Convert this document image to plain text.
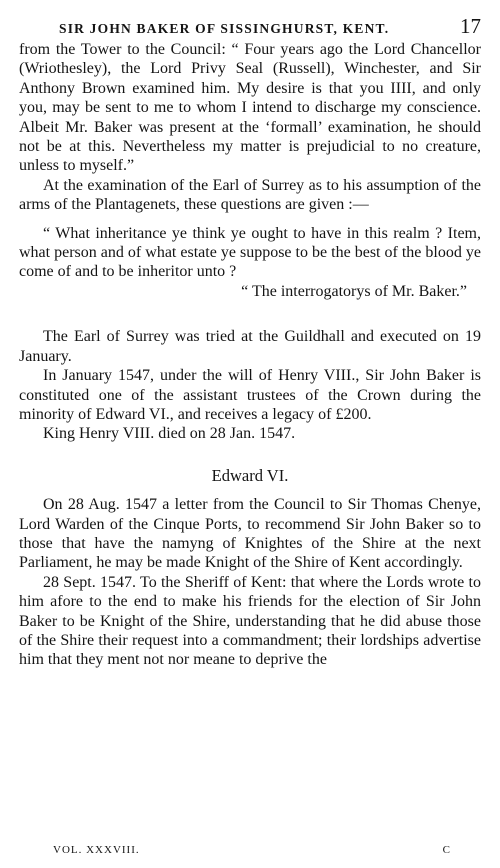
SIR JOHN BAKER OF SISSINGHURST, KENT.	17

from the Tower to the Council: “ Four years ago the Lord Chancellor (Wriothesley), the Lord Privy Seal (Russell), Winchester, and Sir Anthony Brown examined him. My desire is that you IIII, and only you, may be sent to me to whom I intend to discharge my conscience. Albeit Mr. Baker was present at the ‘formall’ examination, he should not be at this. Nevertheless my matter is prejudicial to no creature, unless to myself.”

At the examination of the Earl of Surrey as to his assumption of the arms of the Plantagenets, these questions are given :—

“ What inheritance ye think ye ought to have in this realm ? Item, what person and of what estate ye suppose to be the best of the blood ye come of and to be inheritor unto ?

“ The interrogatorys of Mr. Baker.”

The Earl of Surrey was tried at the Guildhall and executed on 19 January.

In January 1547, under the will of Henry VIII., Sir John Baker is constituted one of the assistant trustees of the Crown during the minority of Edward VI., and receives a legacy of £200.

King Henry VIII. died on 28 Jan. 1547.

Edward VI.

On 28 Aug. 1547 a letter from the Council to Sir Thomas Chenye, Lord Warden of the Cinque Ports, to recommend Sir John Baker so to those that have the namyng of Knightes of the Shire at the next Parliament, he may be made Knight of the Shire of Kent accordingly.

28 Sept. 1547. To the Sheriff of Kent: that where the Lords wrote to him afore to the end to make his friends for the election of Sir John Baker to be Knight of the Shire, understanding that he did abuse those of the Shire their request into a commandment; their lordships advertise him that they ment not nor meane to deprive the

VOL. XXXVIII.	C
